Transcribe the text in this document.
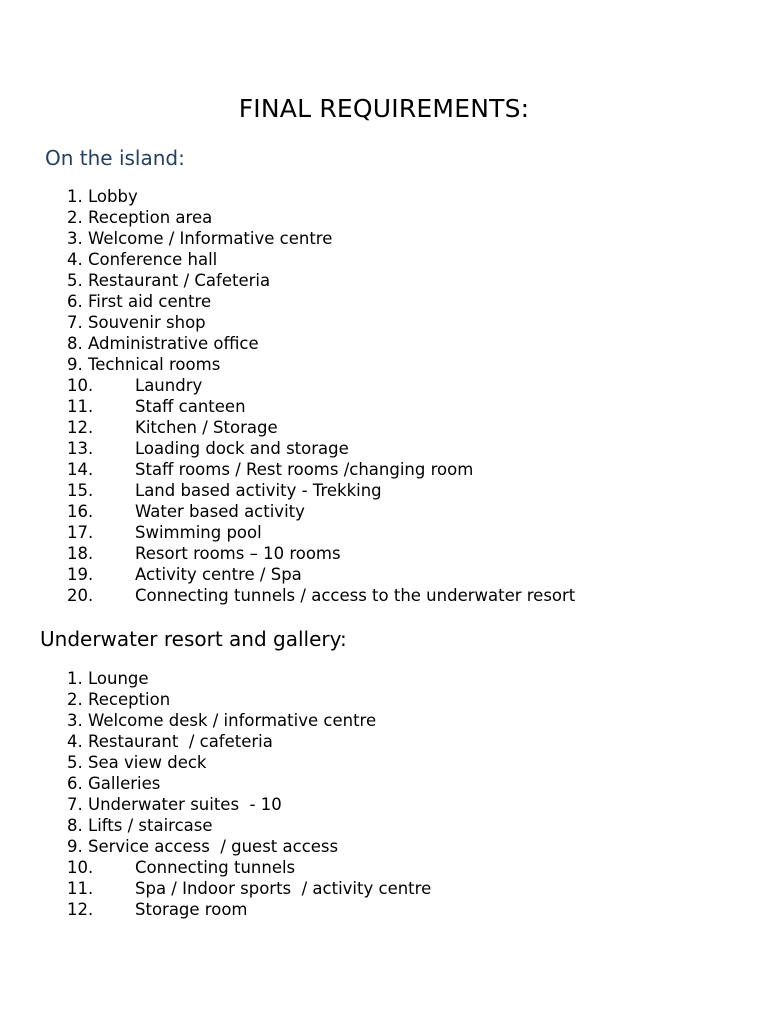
FINAL REQUIREMENTS:
On the island:
1. Lobby
2. Reception area
3. Welcome / Informative centre
4. Conference hall
5. Restaurant / Cafeteria
6. First aid centre
7. Souvenir shop
8. Administrative office
9. Technical rooms
10.	Laundry
11.	Staff canteen
12.	Kitchen / Storage
13.	Loading dock and storage
14.	Staff rooms / Rest rooms /changing room
15.	Land based activity - Trekking
16.	Water based activity
17.	Swimming pool
18.	Resort rooms – 10 rooms
19.	Activity centre / Spa
20.	Connecting tunnels / access to the underwater resort
Underwater resort and gallery:
1. Lounge
2. Reception
3. Welcome desk / informative centre
4. Restaurant  / cafeteria
5. Sea view deck
6. Galleries
7. Underwater suites  - 10
8. Lifts / staircase
9. Service access  / guest access
10.	Connecting tunnels
11.	Spa / Indoor sports  / activity centre
12.	Storage room
